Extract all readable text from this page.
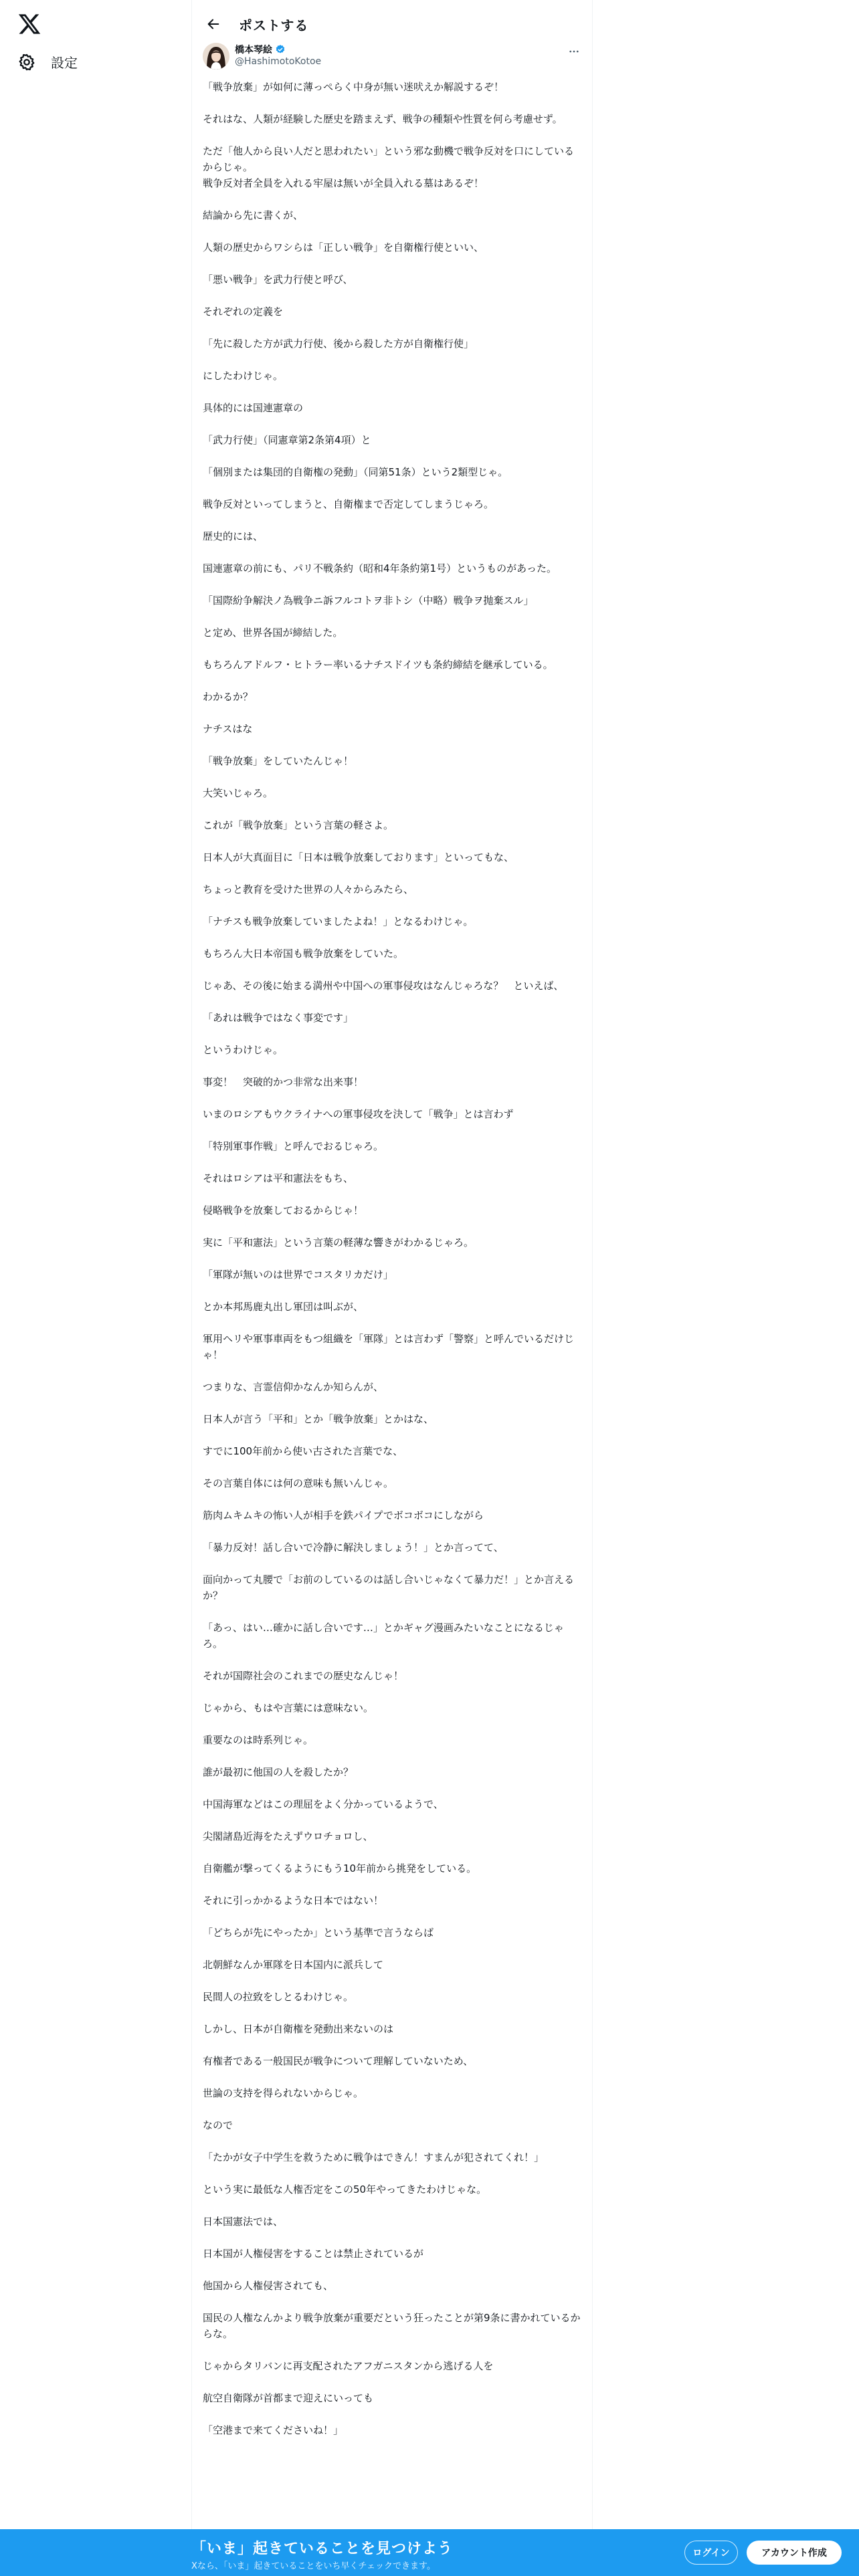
設定
ポストする
橋本琴絵
@HashimotoKotoe
「戦争放棄」が如何に薄っぺらく中身が無い迷吠えか解説するぞ！
それはな、人類が経験した歴史を踏まえず、戦争の種類や性質を何ら考慮せず。
ただ「他人から良い人だと思われたい」という邪な動機で戦争反対を口にしているからじゃ。
戦争反対者全員を入れる牢屋は無いが全員入れる墓はあるぞ！
結論から先に書くが、
人類の歴史からワシらは「正しい戦争」を自衛権行使といい、
「悪い戦争」を武力行使と呼び、
それぞれの定義を
「先に殺した方が武力行使、後から殺した方が自衛権行使」
にしたわけじゃ。
具体的には国連憲章の
「武力行使」（同憲章第2条第4項）と
「個別または集団的自衛権の発動」（同第51条）という2類型じゃ。
戦争反対といってしまうと、自衛権まで否定してしまうじゃろ。
歴史的には、
国連憲章の前にも、パリ不戦条約（昭和4年条約第1号）というものがあった。
「国際紛争解決ノ為戦争ニ訴フルコトヲ非トシ（中略）戦争ヲ抛棄スル」
と定め、世界各国が締結した。
もちろんアドルフ・ヒトラー率いるナチスドイツも条約締結を継承している。
わかるか？
ナチスはな
「戦争放棄」をしていたんじゃ！
大笑いじゃろ。
これが「戦争放棄」という言葉の軽さよ。
日本人が大真面目に「日本は戦争放棄しております」といってもな、
ちょっと教育を受けた世界の人々からみたら、
「ナチスも戦争放棄していましたよね！」となるわけじゃ。
もちろん大日本帝国も戦争放棄をしていた。
じゃあ、その後に始まる満州や中国への軍事侵攻はなんじゃろな？　といえば、
「あれは戦争ではなく事変です」
というわけじゃ。
事変！　突破的かつ非常な出来事！
いまのロシアもウクライナへの軍事侵攻を決して「戦争」とは言わず
「特別軍事作戦」と呼んでおるじゃろ。
それはロシアは平和憲法をもち、
侵略戦争を放棄しておるからじゃ！
実に「平和憲法」という言葉の軽薄な響きがわかるじゃろ。
「軍隊が無いのは世界でコスタリカだけ」
とか本邦馬鹿丸出し軍団は叫ぶが、
軍用ヘリや軍事車両をもつ組織を「軍隊」とは言わず「警察」と呼んでいるだけじゃ！
つまりな、言霊信仰かなんか知らんが、
日本人が言う「平和」とか「戦争放棄」とかはな、
すでに100年前から使い古された言葉でな、
その言葉自体には何の意味も無いんじゃ。
筋肉ムキムキの怖い人が相手を鉄パイプでボコボコにしながら
「暴力反対！話し合いで冷静に解決しましょう！」とか言ってて、
面向かって丸腰で「お前のしているのは話し合いじゃなくて暴力だ！」とか言えるか？
「あっ、はい…確かに話し合いです…」とかギャグ漫画みたいなことになるじゃろ。
それが国際社会のこれまでの歴史なんじゃ！
じゃから、もはや言葉には意味ない。
重要なのは時系列じゃ。
誰が最初に他国の人を殺したか？
中国海軍などはこの理屈をよく分かっているようで、
尖閣諸島近海をたえずウロチョロし、
自衛艦が撃ってくるようにもう10年前から挑発をしている。
それに引っかかるような日本ではない！
「どちらが先にやったか」という基準で言うならば
北朝鮮なんか軍隊を日本国内に派兵して
民間人の拉致をしとるわけじゃ。
しかし、日本が自衛権を発動出来ないのは
有権者である一般国民が戦争について理解していないため、
世論の支持を得られないからじゃ。
なので
「たかが女子中学生を救うために戦争はできん！すまんが犯されてくれ！」
という実に最低な人権否定をこの50年やってきたわけじゃな。
日本国憲法では、
日本国が人権侵害をすることは禁止されているが
他国から人権侵害されても、
国民の人権なんかより戦争放棄が重要だという狂ったことが第9条に書かれているからな。
じゃからタリバンに再支配されたアフガニスタンから逃げる人を
航空自衛隊が首都まで迎えにいっても
「空港まで来てくださいね！」
「いま」起きていることを見つけよう
Xなら、「いま」起きていることをいち早くチェックできます。
ログイン	アカウント作成
